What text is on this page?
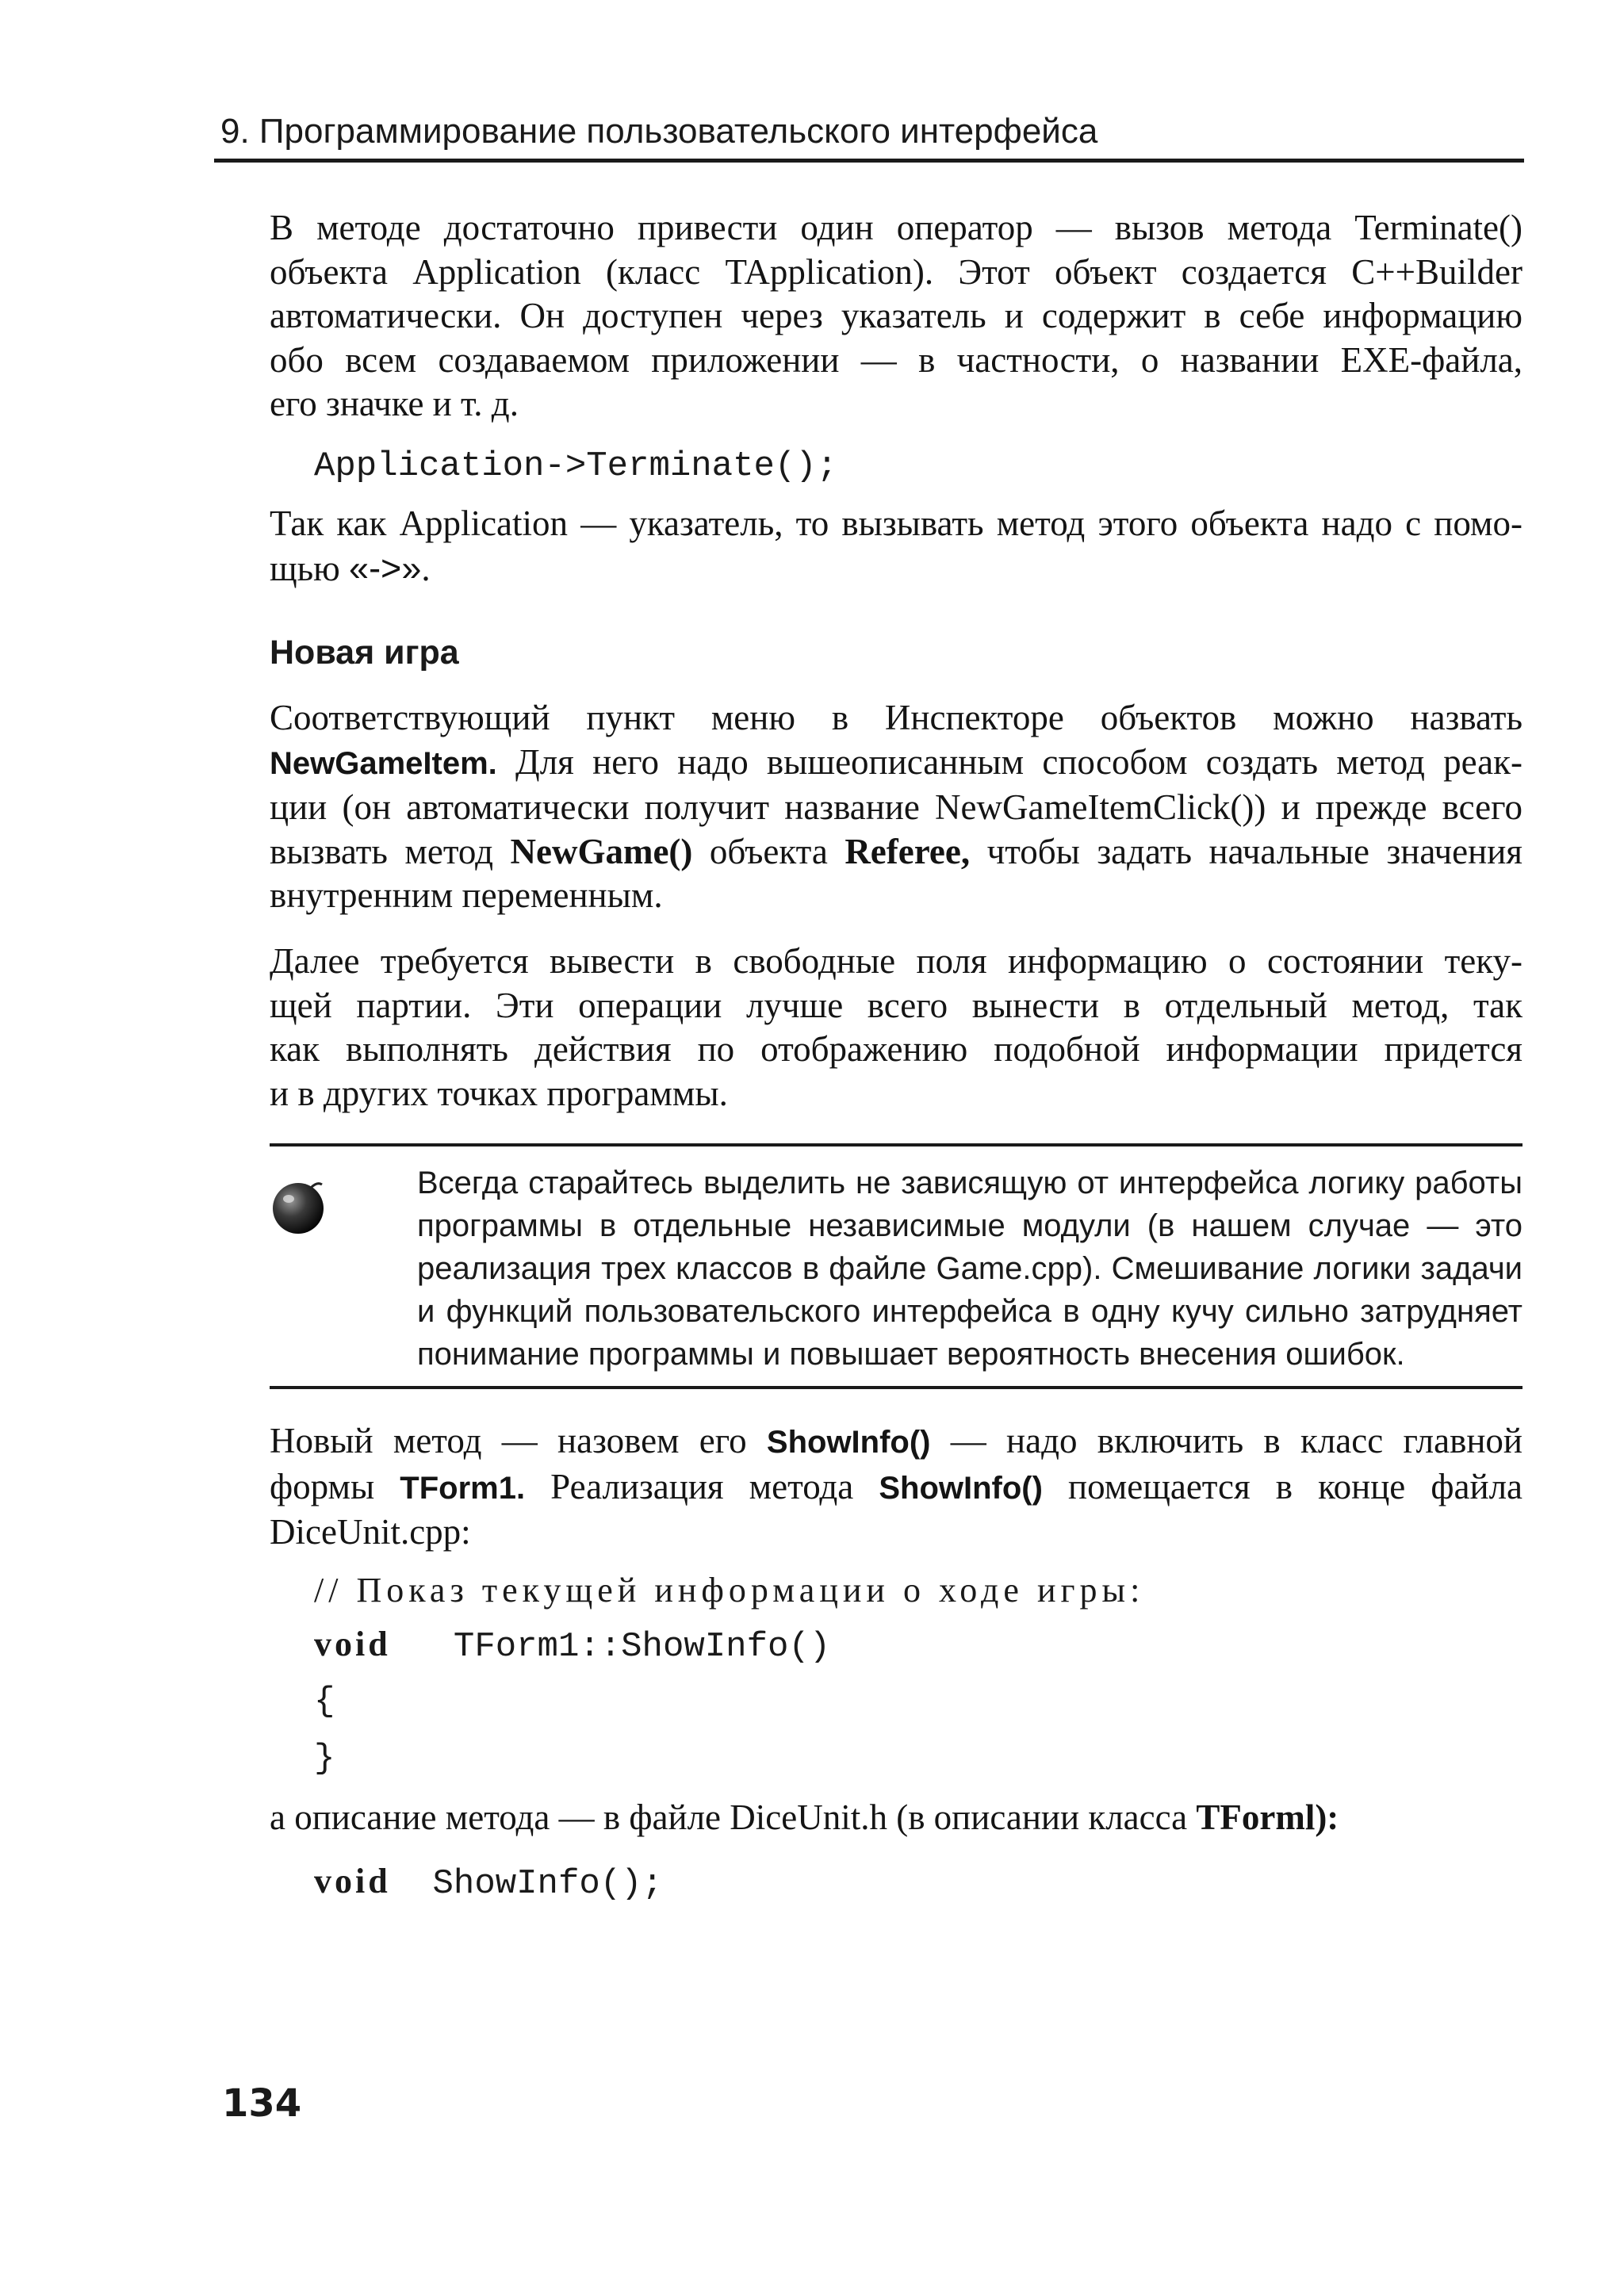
9. Программирование пользовательского интерфейса
В методе достаточно привести один оператор — вызов метода Terminate()
объекта Application (класс TApplication). Этот объект создается C++Builder
автоматически. Он доступен через указатель и содержит в себе информацию
обо всем создаваемом приложении — в частности, о названии EXE-файла,
его значке и т. д.
Application->Terminate();
Так как Application — указатель, то вызывать метод этого объекта надо с помо-
щью «->».
Новая игра
Соответствующий пункт меню в Инспекторе объектов можно назвать
NewGameItem. Для него надо вышеописанным способом создать метод реак-
ции (он автоматически получит название NewGameItemClick()) и прежде всего
вызвать метод NewGame() объекта Referee, чтобы задать начальные значения
внутренним переменным.
Далее требуется вывести в свободные поля информацию о состоянии теку-
щей партии. Эти операции лучше всего вынести в отдельный метод, так
как выполнять действия по отображению подобной информации придется
и в других точках программы.
Всегда старайтесь выделить не зависящую от интерфейса логику работы
программы в отдельные независимые модули (в нашем случае — это
реализация трех классов в файле Game.cpp). Смешивание логики задачи
и функций пользовательского интерфейса в одну кучу сильно затрудняет
понимание программы и повышает вероятность внесения ошибок.
Новый метод — назовем его ShowInfo() — надо включить в класс главной
формы TForm1. Реализация метода ShowInfo() помещается в конце файла
DiceUnit.cpp:
// Показ текущей информации о ходе игры:
void TForm1::ShowInfo()
{
}
а описание метода — в файле DiceUnit.h (в описании класса TForml):
void ShowInfo();
134
